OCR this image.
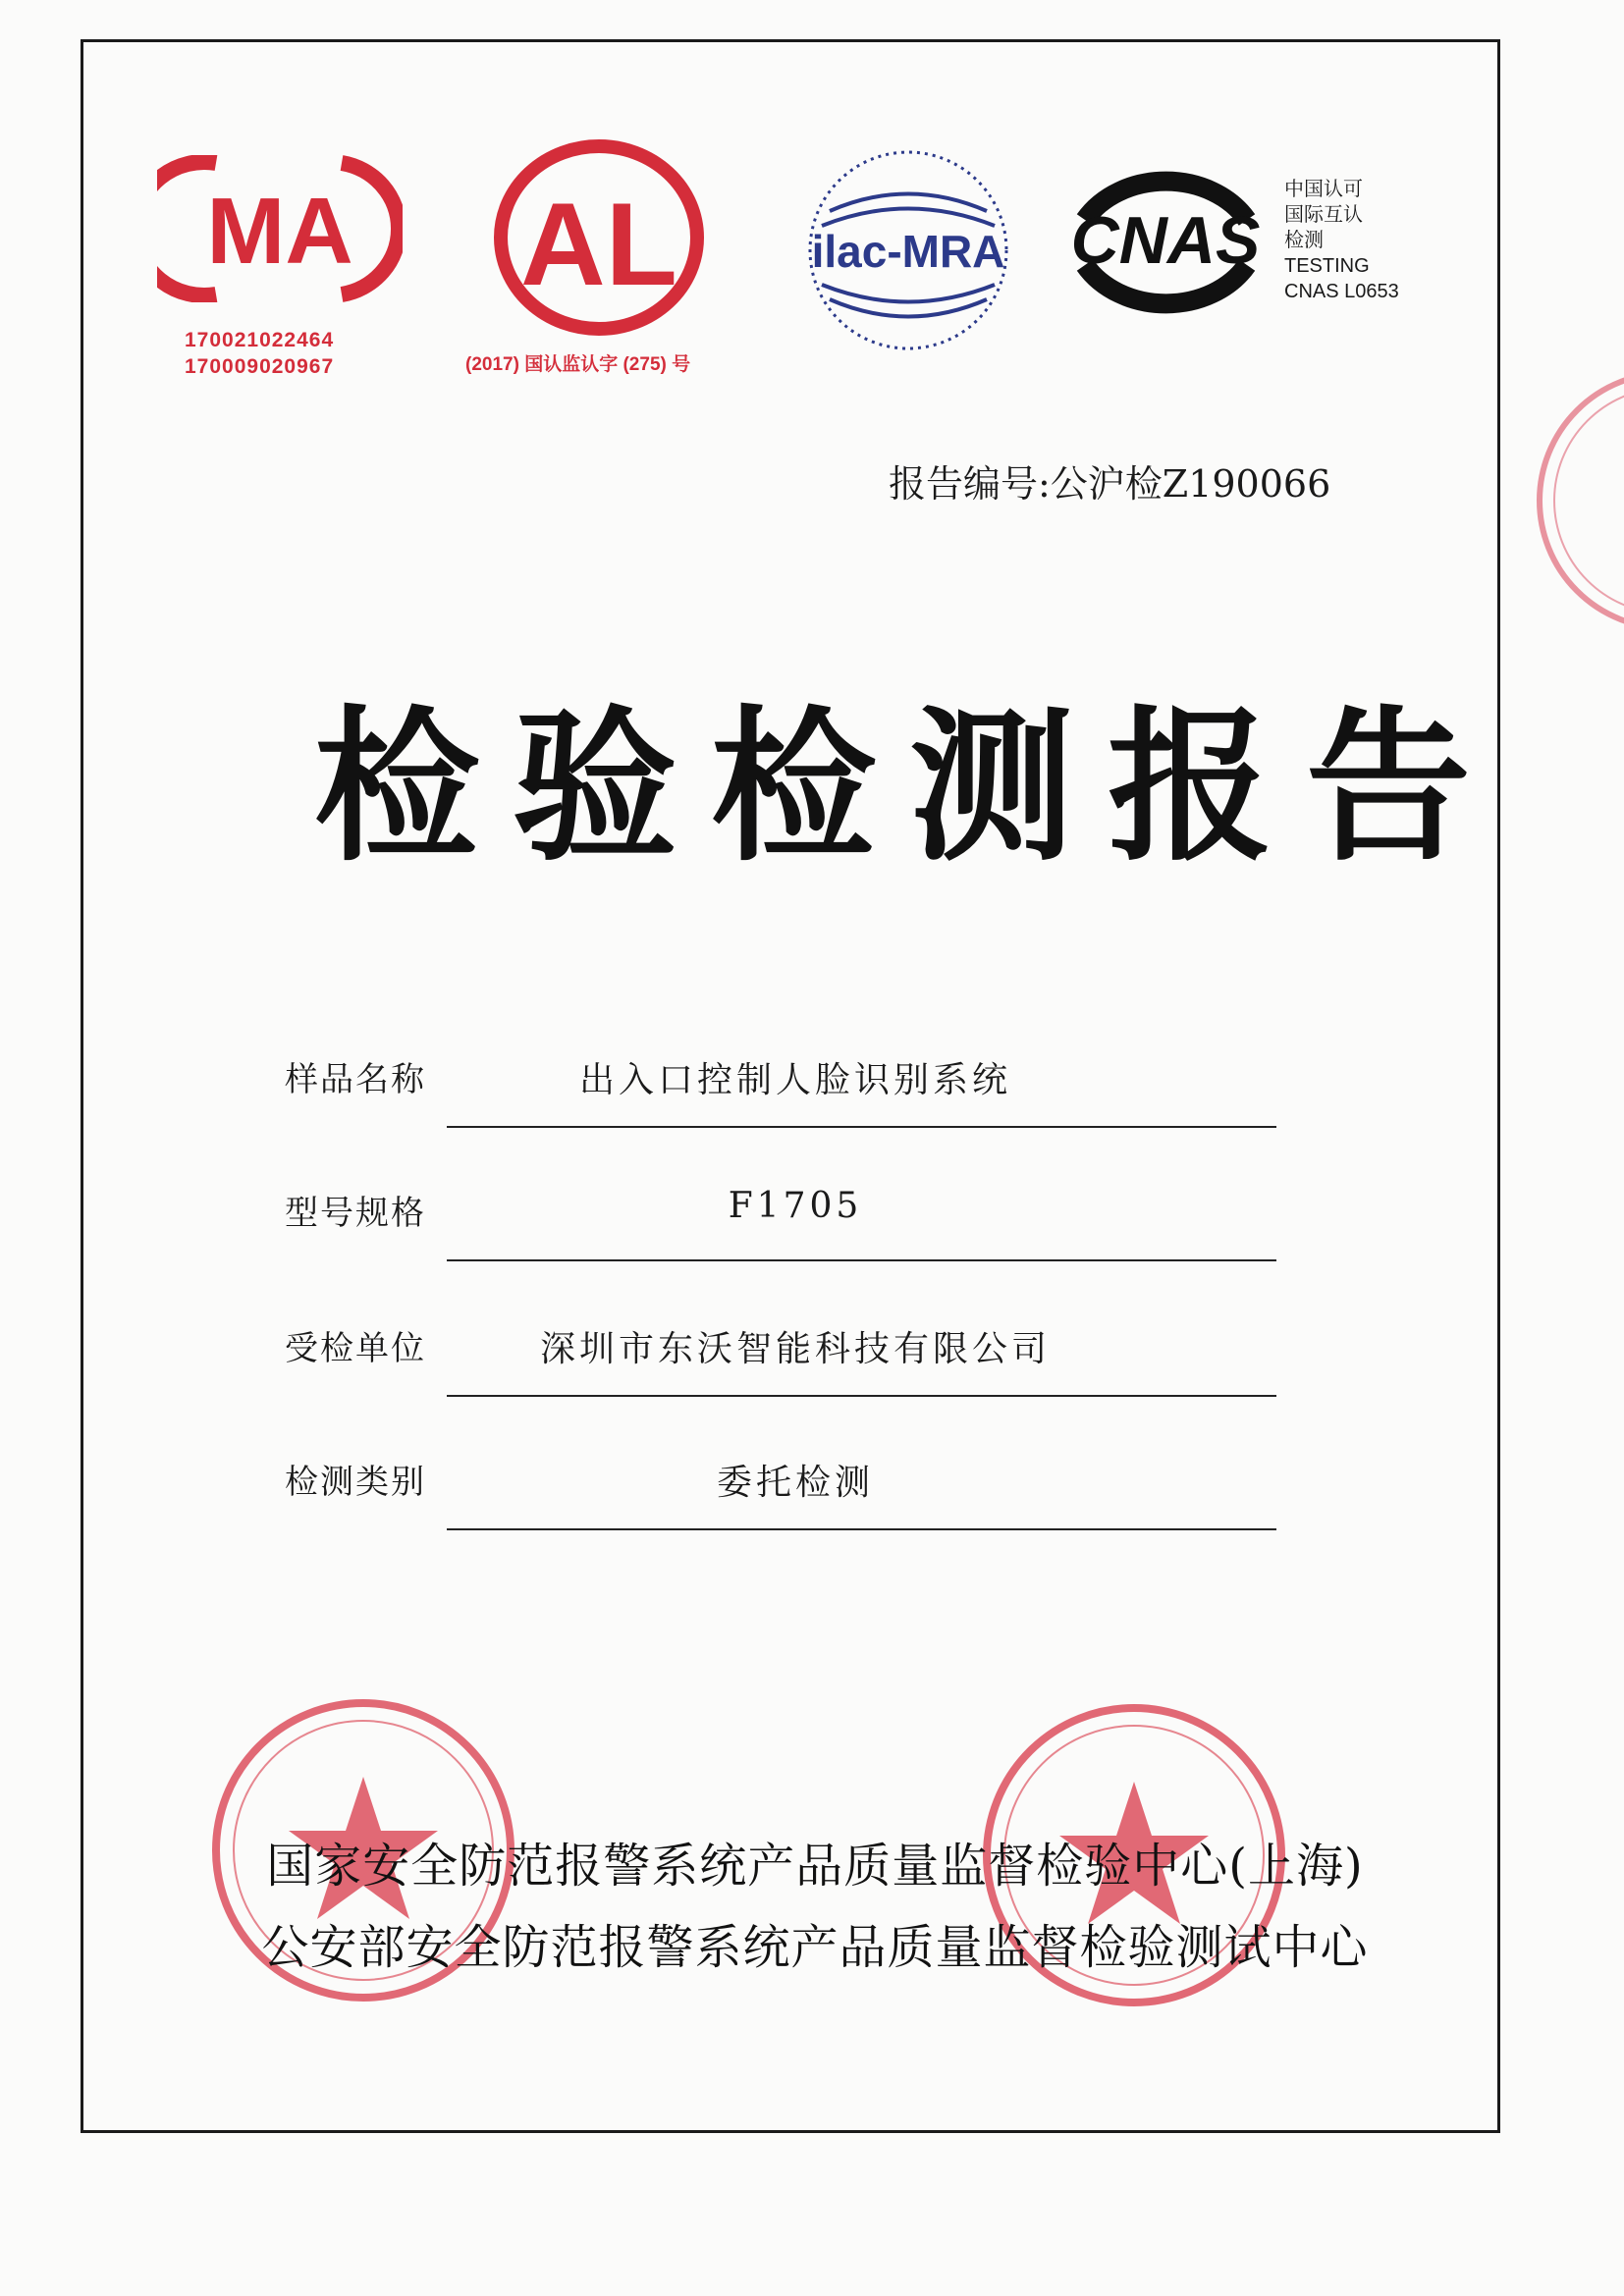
MA
170021022464
170009020967
AL
(2017) 国认监认字 (275) 号
ilac-MRA CNAS
中国认可
国际互认
检测
TESTING
CNAS L0653
报告编号:公沪检Z190066
检验检测报告
样品名称	出入口控制人脸识别系统
型号规格	F1705
受检单位	深圳市东沃智能科技有限公司
检测类别	委托检测
国家安全防范报警系统产品质量监督检验中心(上海)
公安部安全防范报警系统产品质量监督检验测试中心
